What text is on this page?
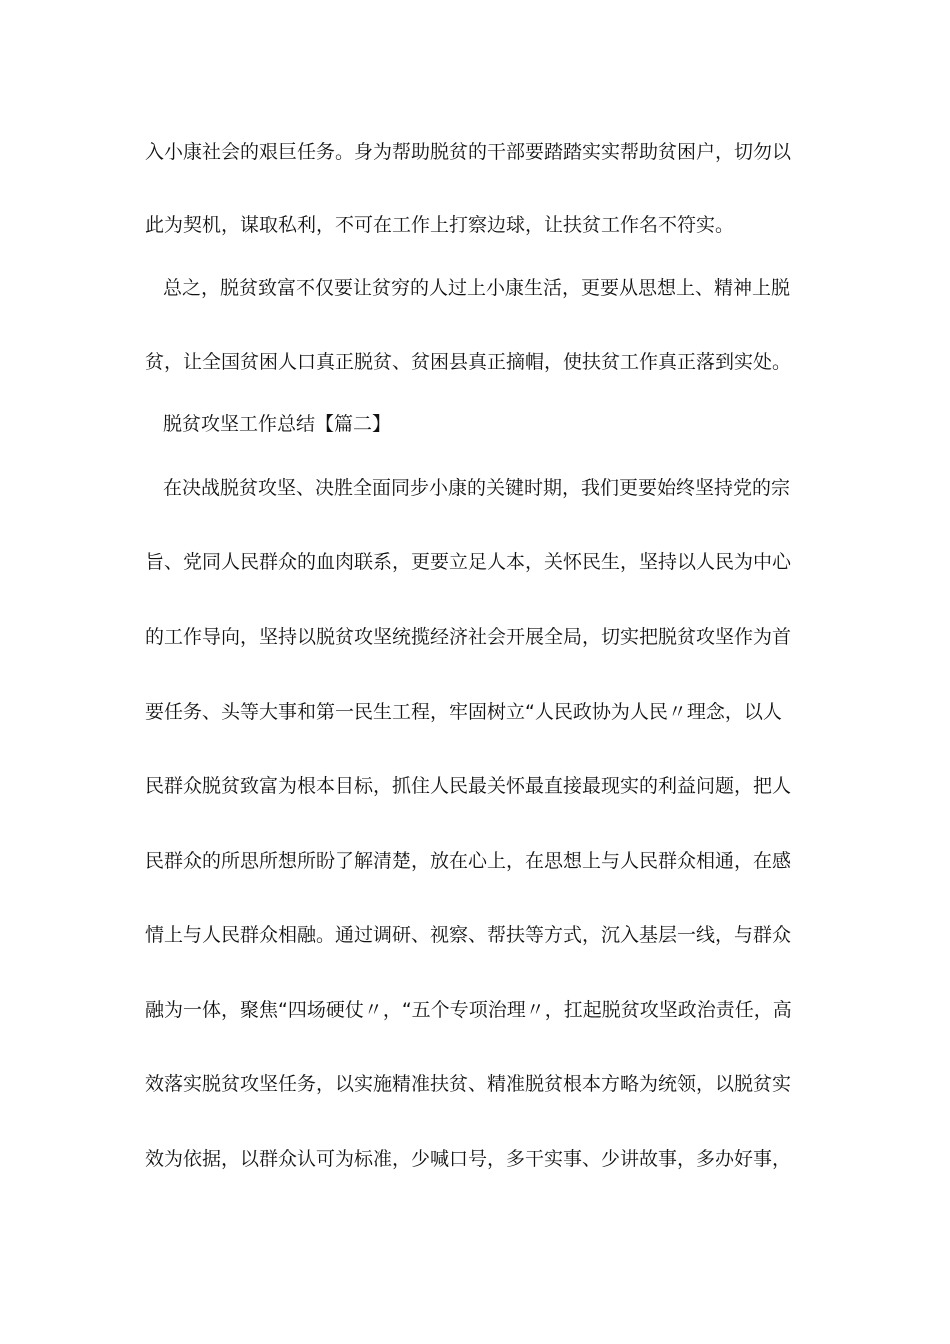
入小康社会的艰巨任务。身为帮助脱贫的干部要踏踏实实帮助贫困户，切勿以
此为契机，谋取私利，不可在工作上打察边球，让扶贫工作名不符实。
总之，脱贫致富不仅要让贫穷的人过上小康生活，更要从思想上、精神上脱
贫，让全国贫困人口真正脱贫、贫困县真正摘帽，使扶贫工作真正落到实处。
脱贫攻坚工作总结【篇二】
在决战脱贫攻坚、决胜全面同步小康的关键时期，我们更要始终坚持党的宗
旨、党同人民群众的血肉联系，更要立足人本，关怀民生，坚持以人民为中心
的工作导向，坚持以脱贫攻坚统揽经济社会开展全局，切实把脱贫攻坚作为首
要任务、头等大事和第一民生工程，牢固树立“人民政协为人民〃理念，以人
民群众脱贫致富为根本目标，抓住人民最关怀最直接最现实的利益问题，把人
民群众的所思所想所盼了解清楚，放在心上，在思想上与人民群众相通，在感
情上与人民群众相融。通过调研、视察、帮扶等方式，沉入基层一线，与群众
融为一体，聚焦“四场硬仗〃，“五个专项治理〃，扛起脱贫攻坚政治责任，高
效落实脱贫攻坚任务，以实施精准扶贫、精准脱贫根本方略为统领，以脱贫实
效为依据，以群众认可为标准，少喊口号，多干实事、少讲故事，多办好事，
